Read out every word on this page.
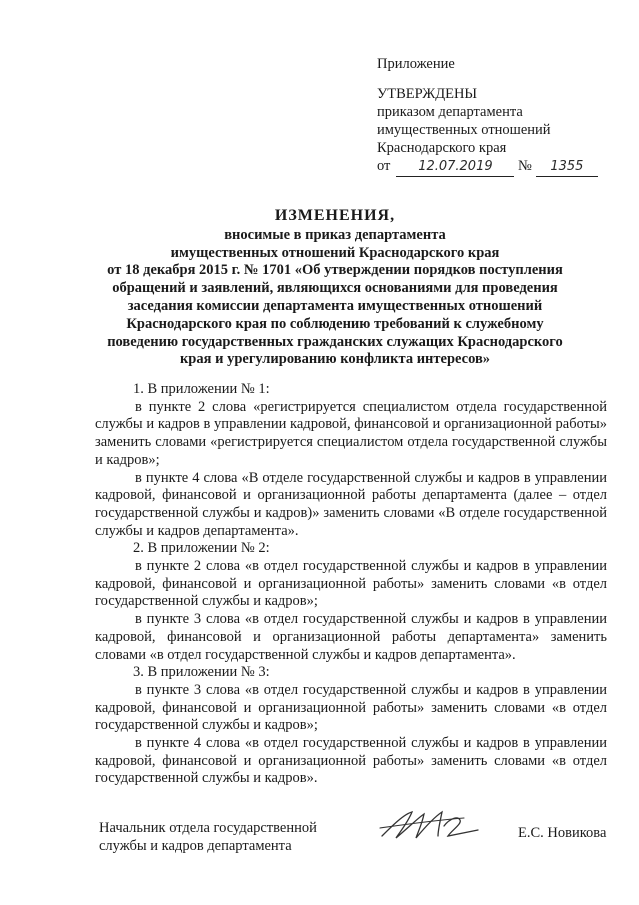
Приложение
УТВЕРЖДЕНЫ
приказом департамента
имущественных отношений
Краснодарского края
от 12.07.2019 № 1355
ИЗМЕНЕНИЯ,
вносимые в приказ департамента
имущественных отношений Краснодарского края
от 18 декабря 2015 г. № 1701 «Об утверждении порядков поступления
обращений и заявлений, являющихся основаниями для проведения
заседания комиссии департамента имущественных отношений
Краснодарского края по соблюдению требований к служебному
поведению государственных гражданских служащих Краснодарского
края и урегулированию конфликта интересов»

1. В приложении № 1:

в пункте 2 слова «регистрируется специалистом отдела государственной службы и кадров в управлении кадровой, финансовой и организационной работы» заменить словами «регистрируется специалистом отдела государственной службы и кадров»;

в пункте 4 слова «В отделе государственной службы и кадров в управлении кадровой, финансовой и организационной работы департамента (далее – отдел государственной службы и кадров)» заменить словами «В отделе государственной службы и кадров департамента».

2. В приложении № 2:

в пункте 2 слова «в отдел государственной службы и кадров в управлении кадровой, финансовой и организационной работы» заменить словами «в отдел государственной службы и кадров»;

в пункте 3 слова «в отдел государственной службы и кадров в управлении кадровой, финансовой и организационной работы департамента» заменить словами «в отдел государственной службы и кадров департамента».

3. В приложении № 3:

в пункте 3 слова «в отдел государственной службы и кадров в управлении кадровой, финансовой и организационной работы» заменить словами «в отдел государственной службы и кадров»;

в пункте 4 слова «в отдел государственной службы и кадров в управлении кадровой, финансовой и организационной работы» заменить словами «в отдел государственной службы и кадров».

Начальник отдела государственной
службы и кадров департамента
Е.С. Новикова
